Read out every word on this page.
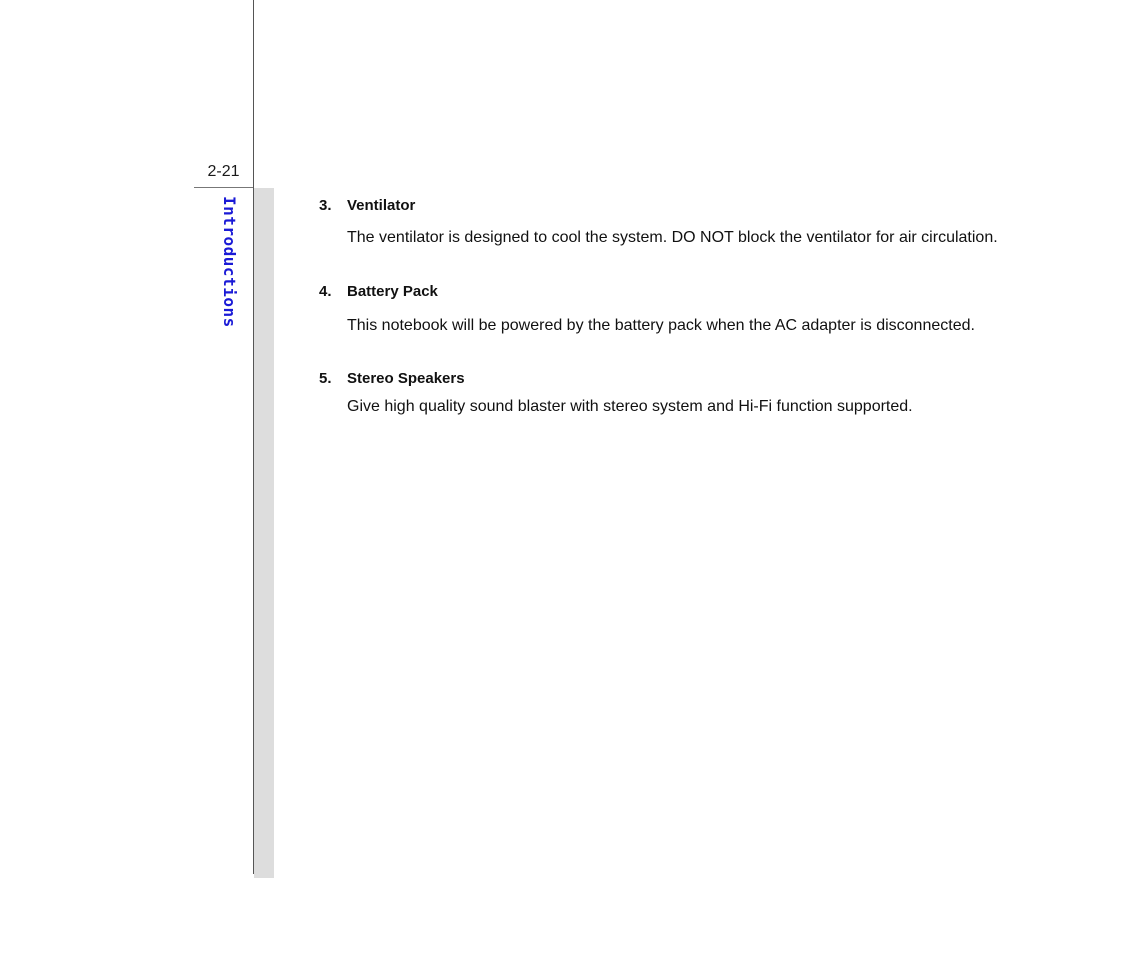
2-21
Introductions	3. Ventilator
The ventilator is designed to cool the system. DO NOT block the ventilator for air circulation.
4. Battery Pack
This notebook will be powered by the battery pack when the AC adapter is disconnected.
5. Stereo Speakers
Give high quality sound blaster with stereo system and Hi-Fi function supported.
